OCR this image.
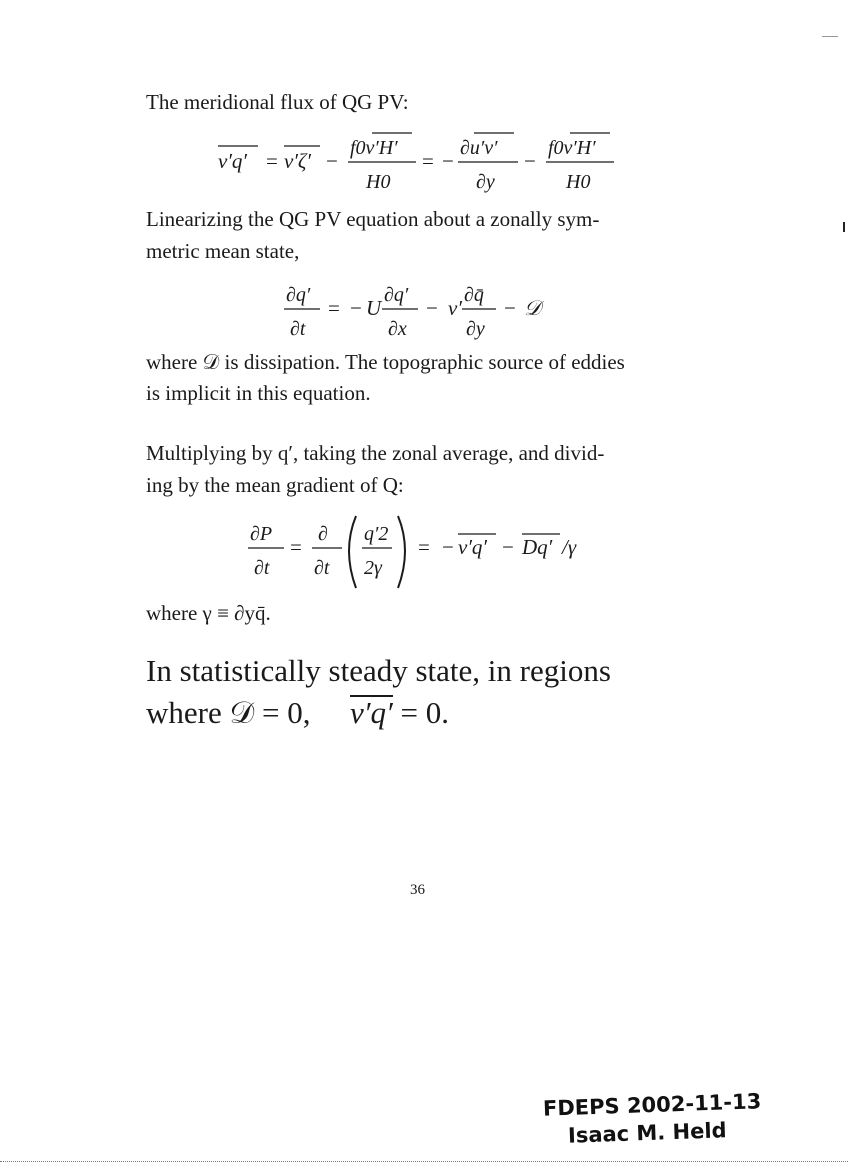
The meridional flux of QG PV:

v′q′ = v′ζ′ −
f0v′H′
H0
= −
∂u′v′
∂y
−
f0v′H′
H0

Linearizing the QG PV equation about a zonally sym-

metric mean state,

∂q′
∂t
= − U
∂q′
∂x
− v′
∂q̄
∂y
− 𝒟

where 𝒟 is dissipation. The topographic source of eddies

is implicit in this equation.

Multiplying by q′, taking the zonal average, and divid-

ing by the mean gradient of Q:

∂P
∂t
=
∂
∂t
q′2
2γ
= − v′q′ − Dq′ /γ

where γ ≡ ∂yq̄.

In statistically steady state, in regions
where 𝒟 = 0, v′q′ = 0.
36
FDEPS 2002-11-13
Isaac M. Held
